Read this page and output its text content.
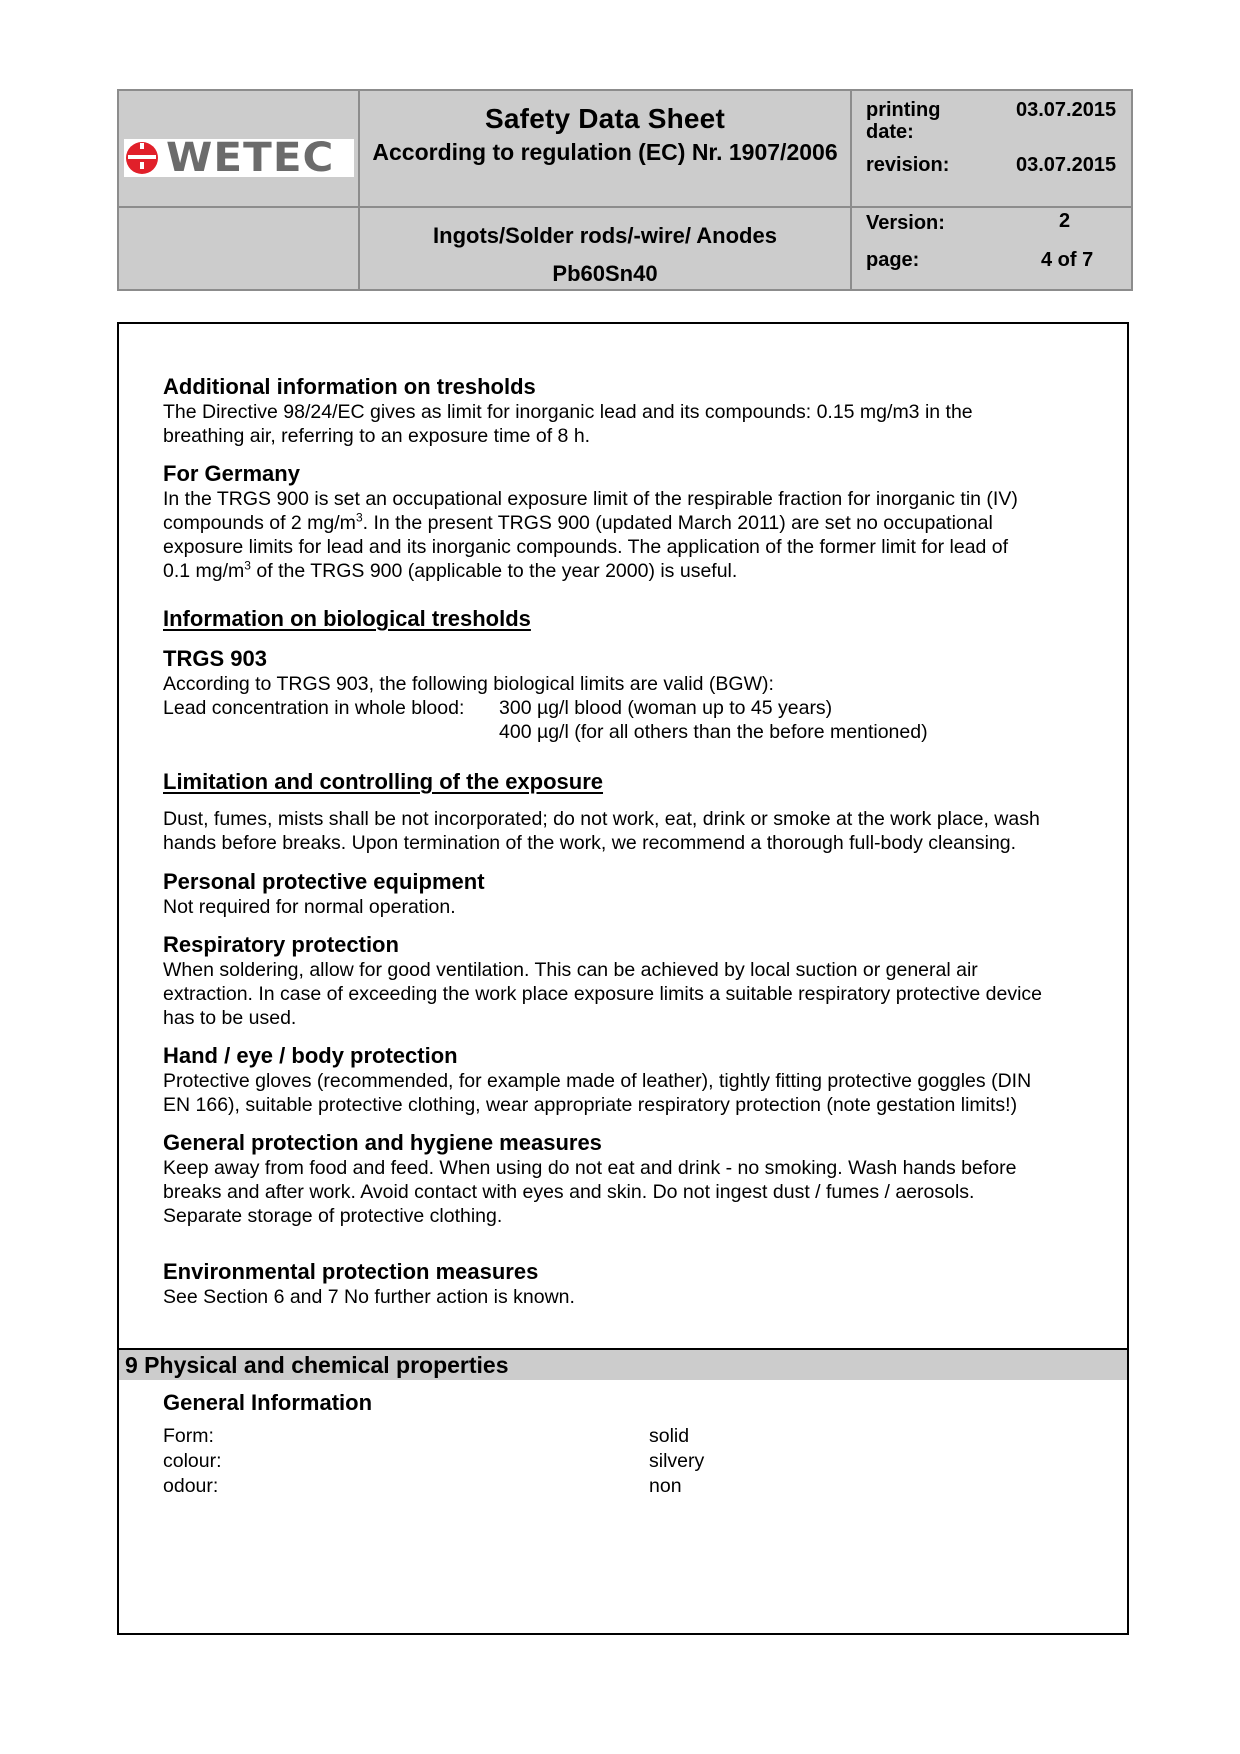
WETEC
Safety Data Sheet
According to regulation (EC) Nr. 1907/2006
Ingots/Solder rods/-wire/ Anodes
Pb60Sn40
printing
date:
03.07.2015
revision:	03.07.2015
Version:	2
page:	4 of 7
Additional information on tresholds
The Directive 98/24/EC gives as limit for inorganic lead and its compounds: 0.15 mg/m3 in the
breathing air, referring to an exposure time of 8 h.
For Germany
In the TRGS 900 is set an occupational exposure limit of the respirable fraction for inorganic tin (IV)
compounds of 2 $mg/m^3$. In the present TRGS 900 (updated March 2011) are set no occupational
exposure limits for lead and its inorganic compounds. The application of the former limit for lead of
0.1 $mg/m^3$ of the TRGS 900 (applicable to the year 2000) is useful.
Information on biological tresholds
TRGS 903
According to TRGS 903, the following biological limits are valid (BGW):
Lead concentration in whole blood:	300 µg/l blood (woman up to 45 years)
400 µg/l (for all others than the before mentioned)
Limitation and controlling of the exposure
Dust, fumes, mists shall be not incorporated; do not work, eat, drink or smoke at the work place, wash
hands before breaks. Upon termination of the work, we recommend a thorough full-body cleansing.
Personal protective equipment
Not required for normal operation.
Respiratory protection
When soldering, allow for good ventilation. This can be achieved by local suction or general air
extraction. In case of exceeding the work place exposure limits a suitable respiratory protective device
has to be used.
Hand / eye / body protection
Protective gloves (recommended, for example made of leather), tightly fitting protective goggles (DIN
EN 166), suitable protective clothing, wear appropriate respiratory protection (note gestation limits!)
General protection and hygiene measures
Keep away from food and feed. When using do not eat and drink - no smoking. Wash hands before
breaks and after work. Avoid contact with eyes and skin. Do not ingest dust / fumes / aerosols.
Separate storage of protective clothing.
Environmental protection measures
See Section 6 and 7 No further action is known.
9 Physical and chemical properties
General Information
Form:	solid
colour:	silvery
odour:	non
